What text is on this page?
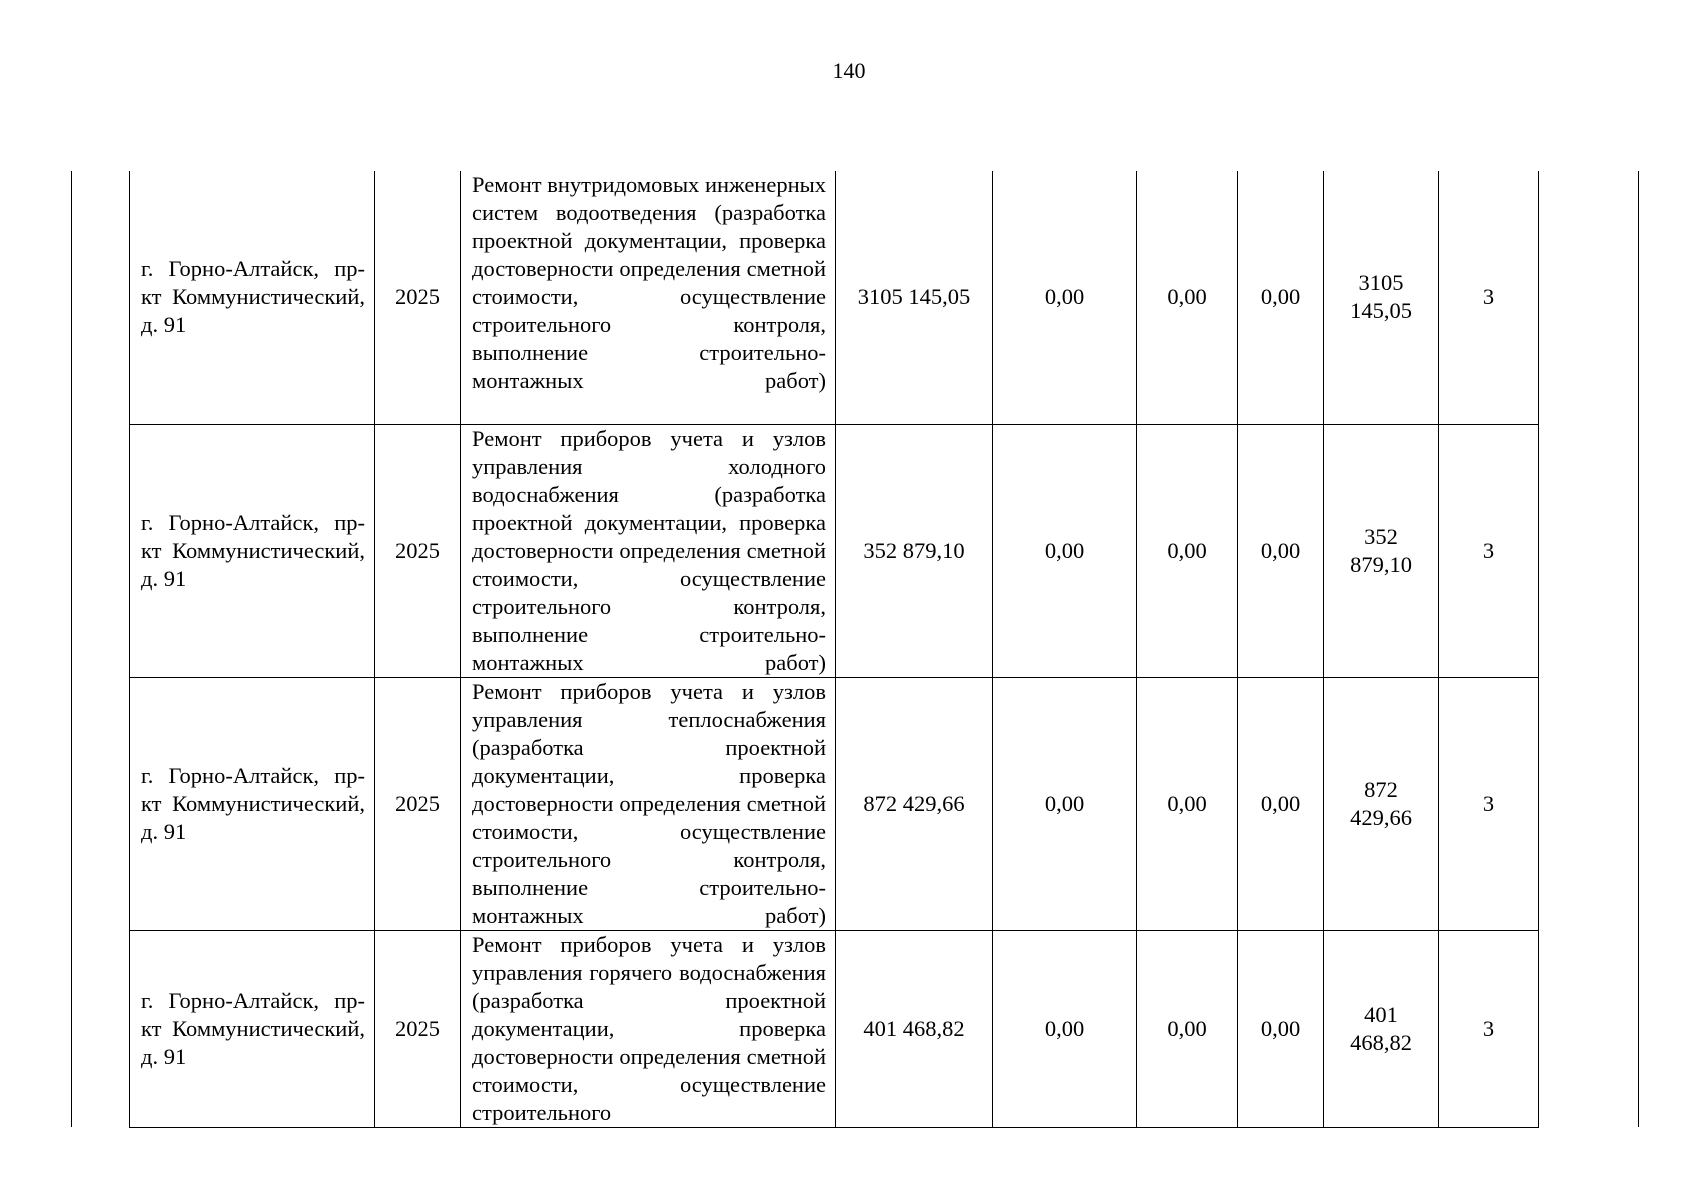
140
	г. Горно-Алтайск, пр-кт Коммунистический, д. 91	2025	Ремонт внутридомовых инженерных систем водоотведения (разработка проектной документации, проверка достоверности определения сметной стоимости, осуществление строительного контроля, выполнение строительно-монтажных работ)	3105 145,05	0,00	0,00	0,00	3105 145,05	3	
	г. Горно-Алтайск, пр-кт Коммунистический, д. 91	2025	Ремонт приборов учета и узлов управления холодного водоснабжения (разработка проектной документации, проверка достоверности определения сметной стоимости, осуществление строительного контроля, выполнение строительно-монтажных работ)	352 879,10	0,00	0,00	0,00	352 879,10	3	
	г. Горно-Алтайск, пр-кт Коммунистический, д. 91	2025	Ремонт приборов учета и узлов управления теплоснабжения (разработка проектной документации, проверка достоверности определения сметной стоимости, осуществление строительного контроля, выполнение строительно-монтажных работ)	872 429,66	0,00	0,00	0,00	872 429,66	3	
	г. Горно-Алтайск, пр-кт Коммунистический, д. 91	2025	Ремонт приборов учета и узлов управления горячего водоснабжения (разработка проектной документации, проверка достоверности определения сметной стоимости, осуществление строительного	401 468,82	0,00	0,00	0,00	401 468,82	3	
